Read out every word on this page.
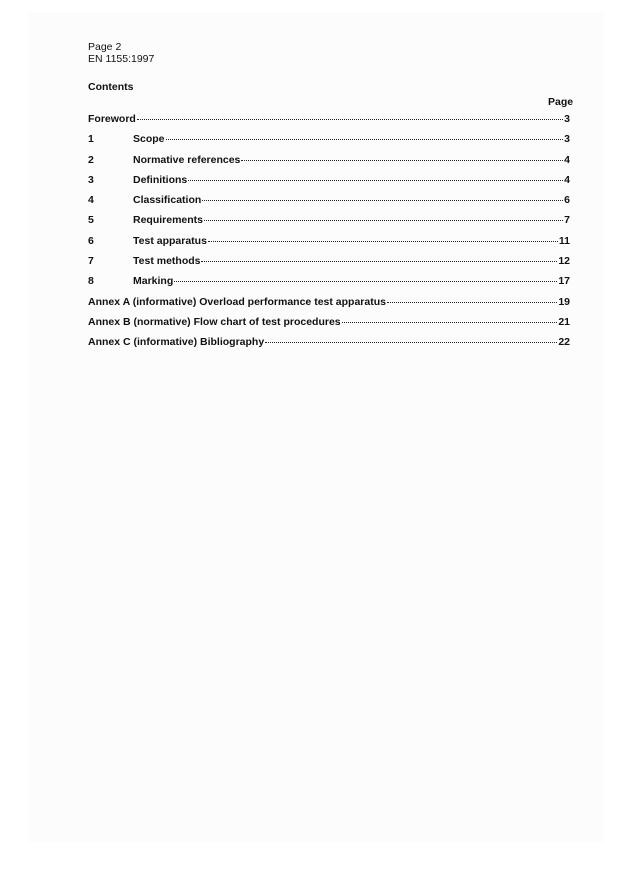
Page 2
EN 1155:1997
Contents
Page
Foreword	3
1	Scope	3
2	Normative references	4
3	Definitions	4
4	Classification	6
5	Requirements	7
6	Test apparatus	11
7	Test methods	12
8	Marking	17
Annex A (informative) Overload performance test apparatus	19
Annex B (normative) Flow chart of test procedures	21
Annex C (informative) Bibliography	22
